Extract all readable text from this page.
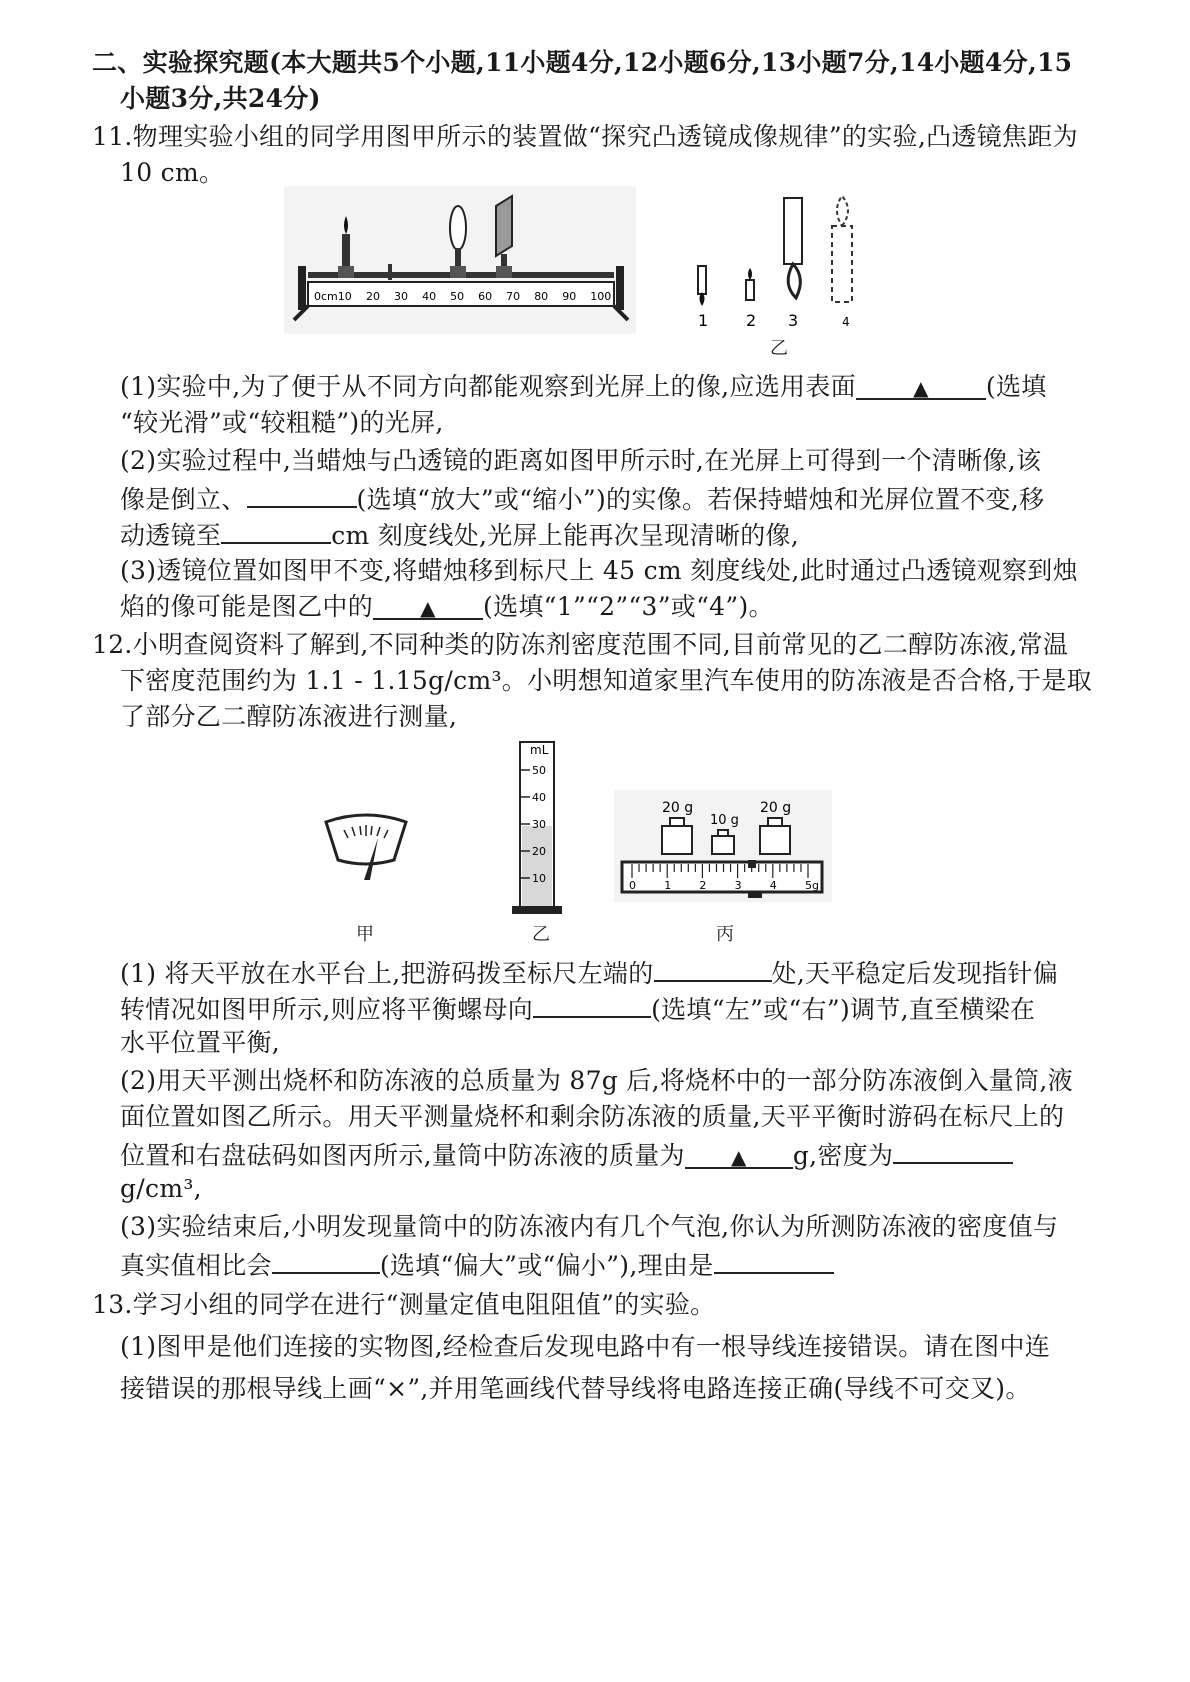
二、实验探究题(本大题共5个小题,11小题4分,12小题6分,13小题7分,14小题4分,15
小题3分,共24分)
11.物理实验小组的同学用图甲所示的装置做“探究凸透镜成像规律”的实验,凸透镜焦距为
10 cm。
0cm10 20 30 40 50 60 70 80 90 100
1 2 3	4
乙
(1)实验中,为了便于从不同方向都能观察到光屏上的像,应选用表面	▲ (选填
“较光滑”或“较粗糙”)的光屏,
(2)实验过程中,当蜡烛与凸透镜的距离如图甲所示时,在光屏上可得到一个清晰像,该
像是倒立、	(选填“放大”或“缩小”)的实像。若保持蜡烛和光屏位置不变,移
动透镜至	cm 刻度线处,光屏上能再次呈现清晰的像,
(3)透镜位置如图甲不变,将蜡烛移到标尺上 45 cm 刻度线处,此时通过凸透镜观察到烛
焰的像可能是图乙中的 ▲ (选填“1”“2”“3”或“4”)。
12.小明查阅资料了解到,不同种类的防冻剂密度范围不同,目前常见的乙二醇防冻液,常温
下密度范围约为 1.1 - 1.15g/cm³。小明想知道家里汽车使用的防冻液是否合格,于是取
了部分乙二醇防冻液进行测量,
mL
50
40
30
20
10
20 g
10 g
20 g
0	1	2	3	4	5g
甲	乙	丙
(1) 将天平放在水平台上,把游码拨至标尺左端的	处,天平稳定后发现指针偏
转情况如图甲所示,则应将平衡螺母向	(选填“左”或“右”)调节,直至横梁在
水平位置平衡,
(2)用天平测出烧杯和防冻液的总质量为 87g 后,将烧杯中的一部分防冻液倒入量筒,液
面位置如图乙所示。用天平测量烧杯和剩余防冻液的质量,天平平衡时游码在标尺上的
位置和右盘砝码如图丙所示,量筒中防冻液的质量为 ▲ g,密度为
g/cm³,
(3)实验结束后,小明发现量筒中的防冻液内有几个气泡,你认为所测防冻液的密度值与
真实值相比会	(选填“偏大”或“偏小”),理由是
13.学习小组的同学在进行“测量定值电阻阻值”的实验。
(1)图甲是他们连接的实物图,经检查后发现电路中有一根导线连接错误。请在图中连
接错误的那根导线上画“×”,并用笔画线代替导线将电路连接正确(导线不可交叉)。
